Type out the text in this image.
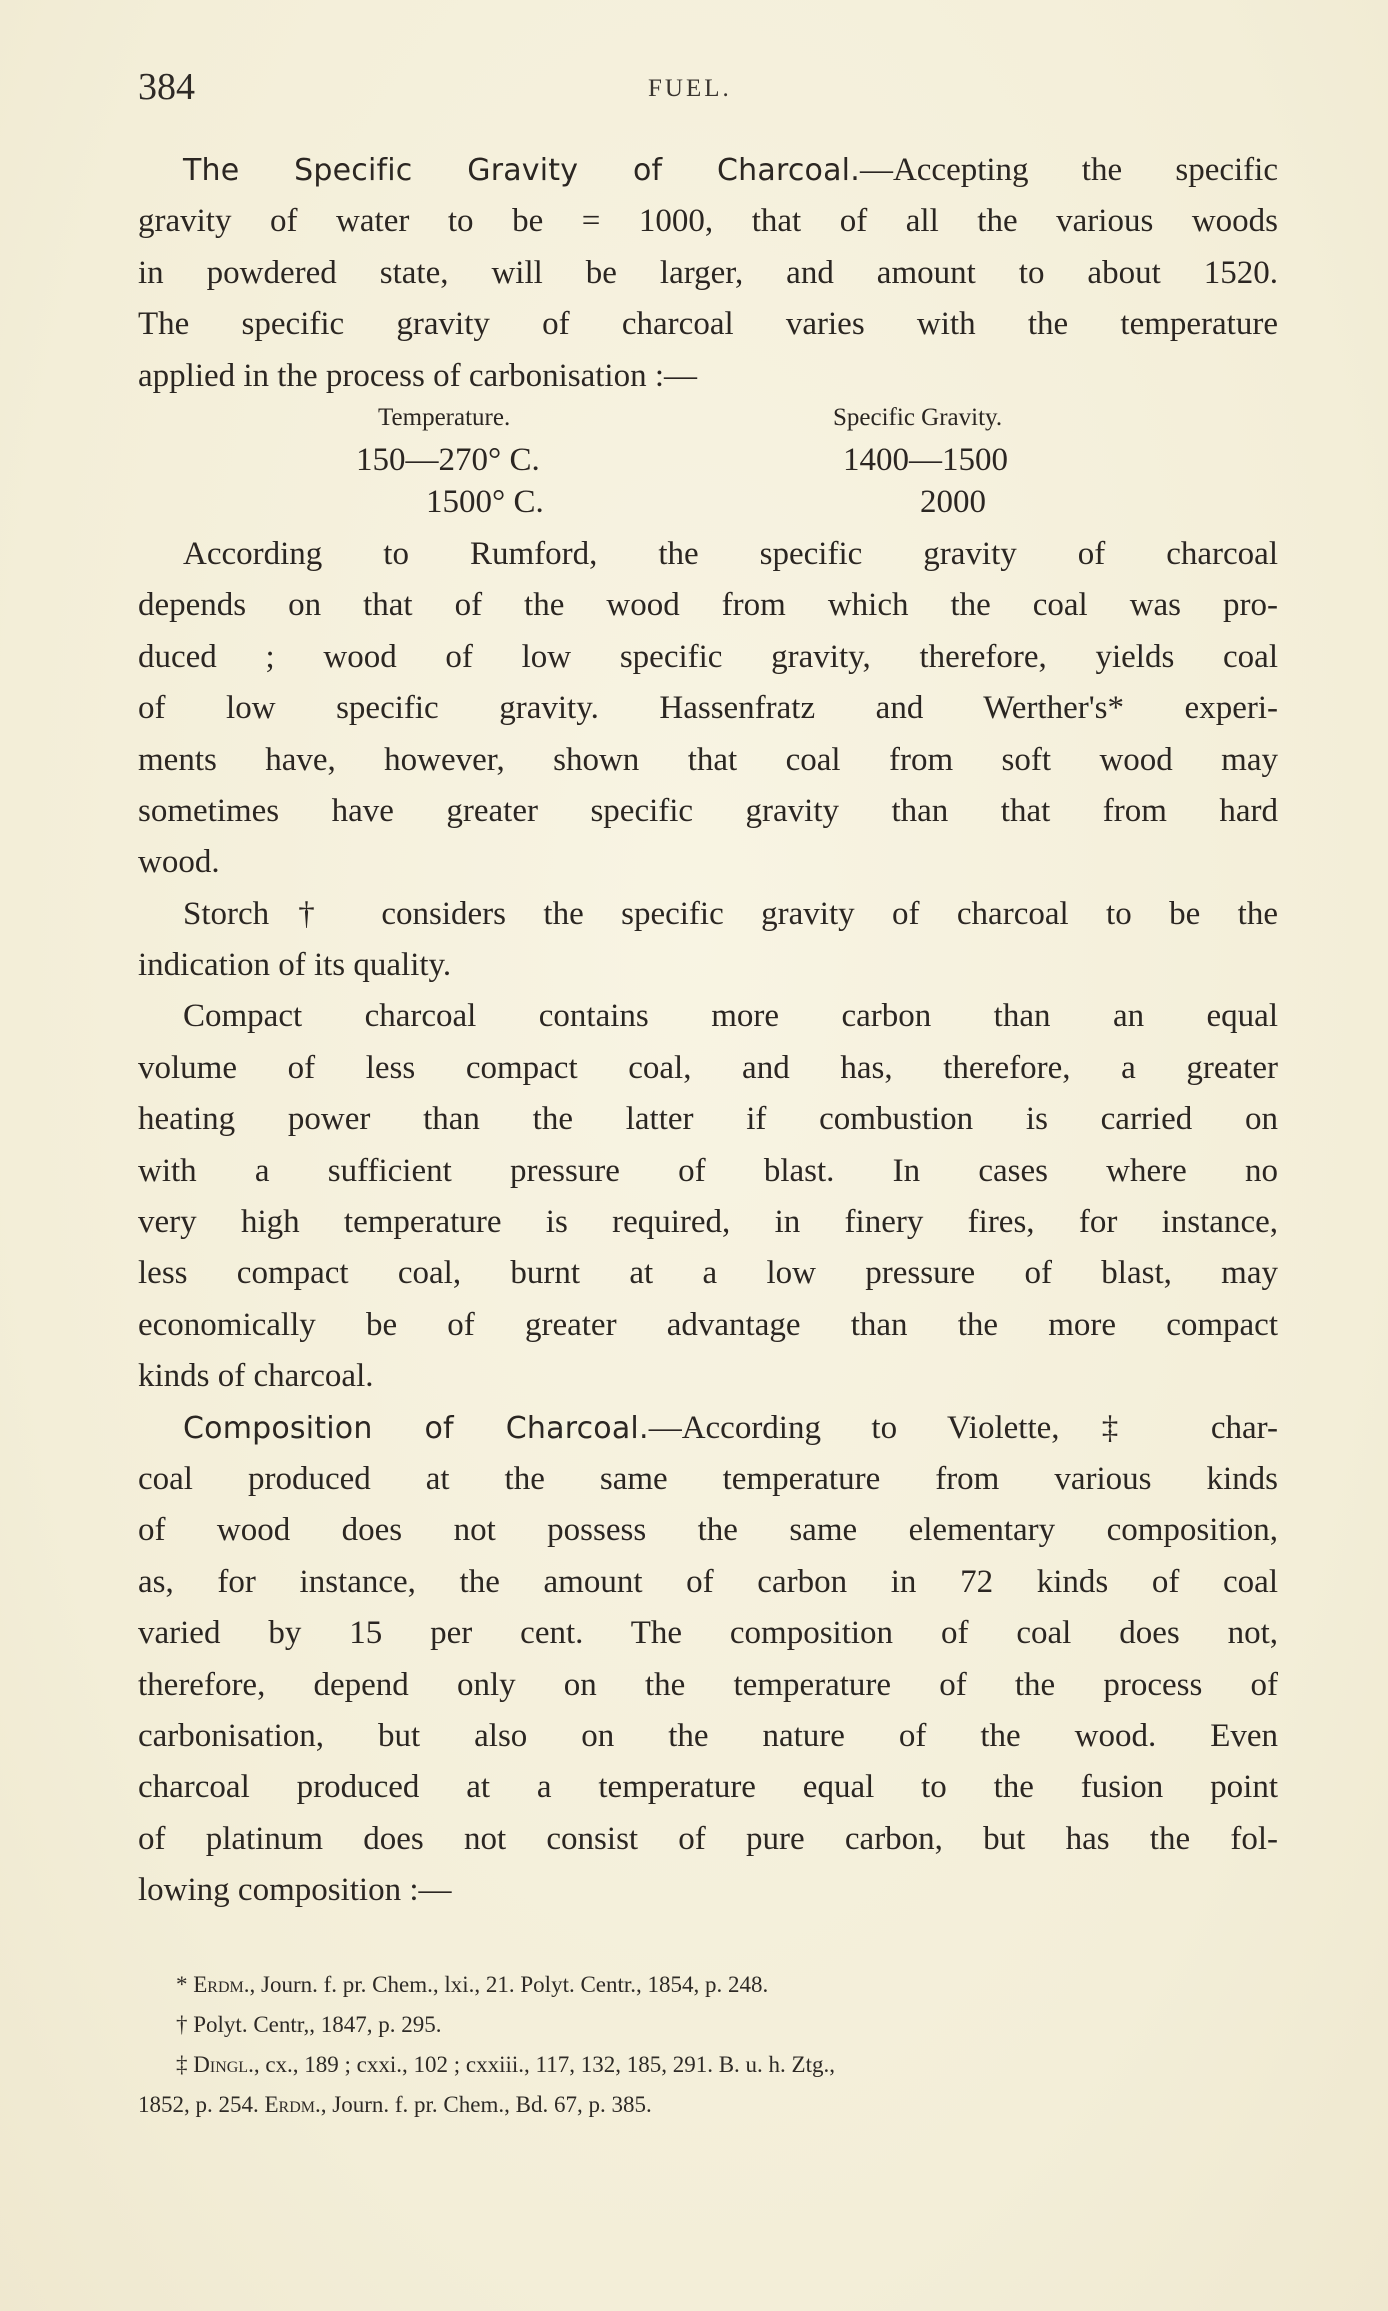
384	FUEL.
The Specific Gravity of Charcoal.—Accepting the specific
gravity of water to be = 1000, that of all the various woods
in powdered state, will be larger, and amount to about 1520.
The specific gravity of charcoal varies with the temperature
applied in the process of carbonisation :—
Temperature.	Specific Gravity.
150—270° C.	1400—1500
1500° C.	2000
According to Rumford, the specific gravity of charcoal
depends on that of the wood from which the coal was pro-
duced ; wood of low specific gravity, therefore, yields coal
of low specific gravity. Hassenfratz and Werther's* experi-
ments have, however, shown that coal from soft wood may
sometimes have greater specific gravity than that from hard
wood.
Storch† considers the specific gravity of charcoal to be the
indication of its quality.
Compact charcoal contains more carbon than an equal
volume of less compact coal, and has, therefore, a greater
heating power than the latter if combustion is carried on
with a sufficient pressure of blast. In cases where no
very high temperature is required, in finery fires, for instance,
less compact coal, burnt at a low pressure of blast, may
economically be of greater advantage than the more compact
kinds of charcoal.
Composition of Charcoal.—According to Violette,‡ char-
coal produced at the same temperature from various kinds
of wood does not possess the same elementary composition,
as, for instance, the amount of carbon in 72 kinds of coal
varied by 15 per cent. The composition of coal does not,
therefore, depend only on the temperature of the process of
carbonisation, but also on the nature of the wood. Even
charcoal produced at a temperature equal to the fusion point
of platinum does not consist of pure carbon, but has the fol-
lowing composition :—
* Erdm., Journ. f. pr. Chem., lxi., 21. Polyt. Centr., 1854, p. 248.
† Polyt. Centr,, 1847, p. 295.
‡ Dingl., cx., 189 ; cxxi., 102 ; cxxiii., 117, 132, 185, 291. B. u. h. Ztg.,
1852, p. 254. Erdm., Journ. f. pr. Chem., Bd. 67, p. 385.
